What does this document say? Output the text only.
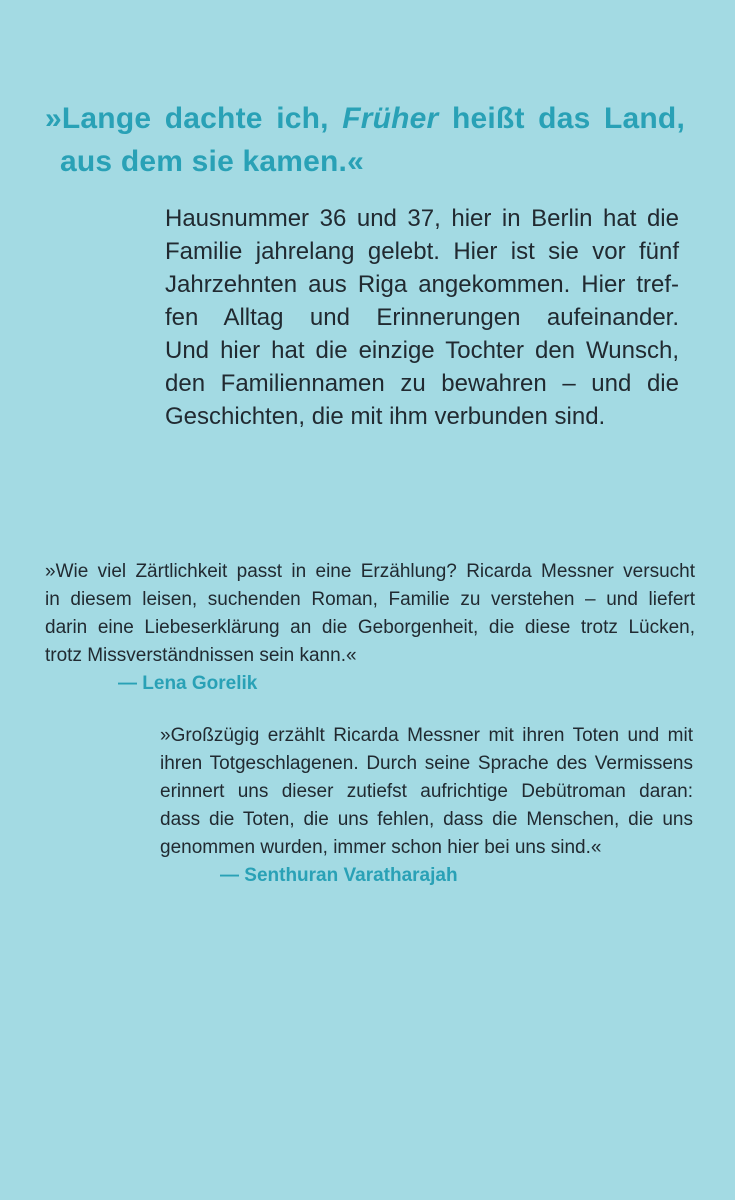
»Lange dachte ich, Früher heißt das Land,
aus dem sie kamen.«
Hausnummer 36 und 37, hier in Berlin hat die
Familie jahrelang gelebt. Hier ist sie vor fünf
Jahrzehnten aus Riga angekommen. Hier tref-
fen Alltag und Erinnerungen aufeinander.
Und hier hat die einzige Tochter den Wunsch,
den Familiennamen zu bewahren – und die
Geschichten, die mit ihm verbunden sind.
»Wie viel Zärtlichkeit passt in eine Erzählung? Ricarda Messner versucht
in diesem leisen, suchenden Roman, Familie zu verstehen – und liefert
darin eine Liebeserklärung an die Geborgenheit, die diese trotz Lücken,
trotz Missverständnissen sein kann.«
— Lena Gorelik
»Großzügig erzählt Ricarda Messner mit ihren Toten und mit
ihren Totgeschlagenen. Durch seine Sprache des Vermissens
erinnert uns dieser zutiefst aufrichtige Debütroman daran:
dass die Toten, die uns fehlen, dass die Menschen, die uns
genommen wurden, immer schon hier bei uns sind.«
— Senthuran Varatharajah
